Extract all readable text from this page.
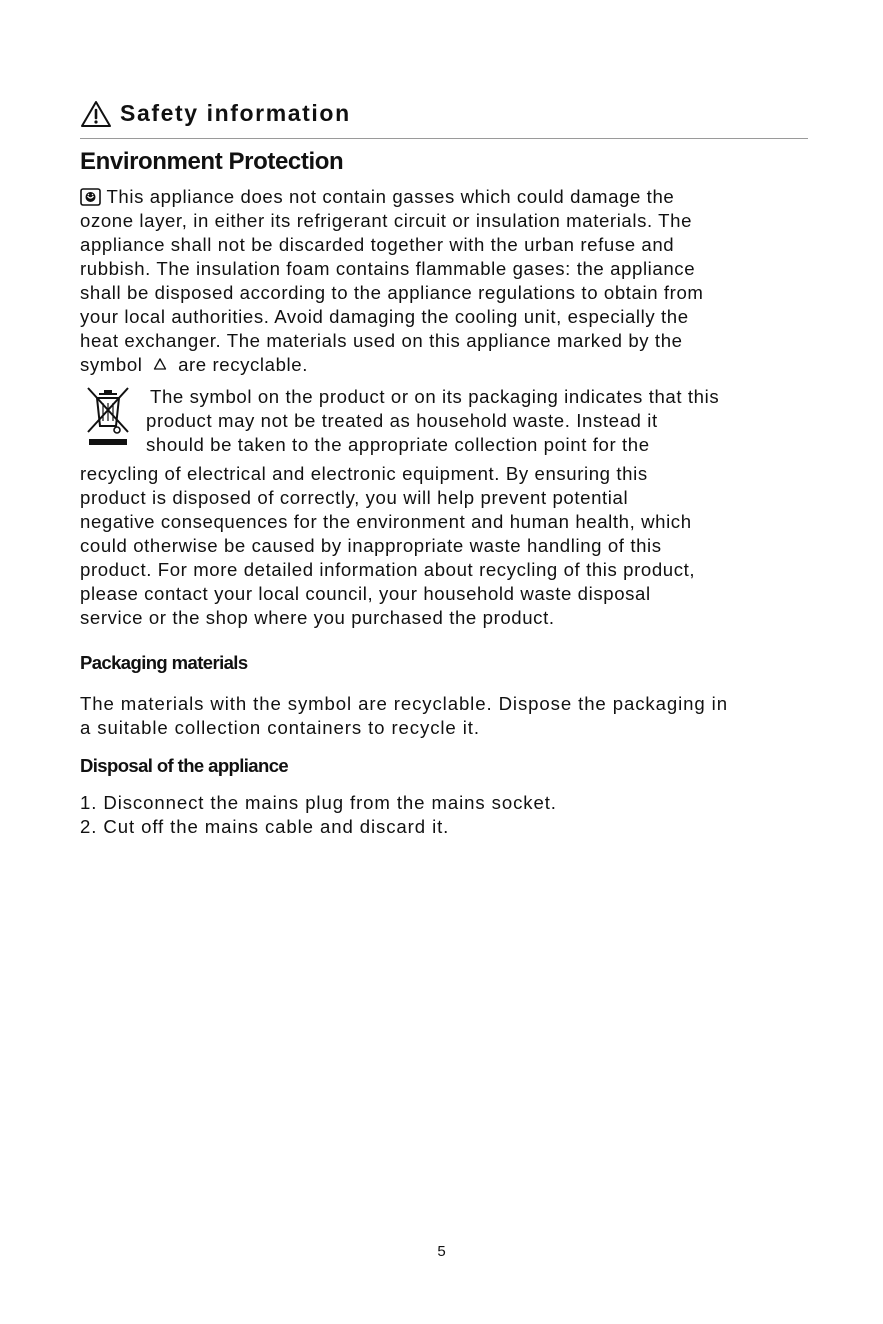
Safety information
Environment Protection
This appliance does not contain gasses which could damage the
ozone layer, in either its refrigerant circuit or insulation materials. The
appliance shall not be discarded together with the urban refuse and
rubbish. The insulation foam contains flammable gases: the appliance
shall be disposed according to the appliance regulations to obtain from
your local authorities. Avoid damaging the cooling unit, especially the
heat exchanger. The materials used on this appliance marked by the
symbol are recyclable.
The symbol on the product or on its packaging indicates that this
product may not be treated as household waste. Instead it
should be taken to the appropriate collection point for the
recycling of electrical and electronic equipment. By ensuring this
product is disposed of correctly, you will help prevent potential
negative consequences for the environment and human health, which
could otherwise be caused by inappropriate waste handling of this
product. For more detailed information about recycling of this product,
please contact your local council, your household waste disposal
service or the shop where you purchased the product.
Packaging materials
The materials with the symbol are recyclable. Dispose the packaging in
a suitable collection containers to recycle it.
Disposal of the appliance
1. Disconnect the mains plug from the mains socket.
2. Cut off the mains cable and discard it.
5
